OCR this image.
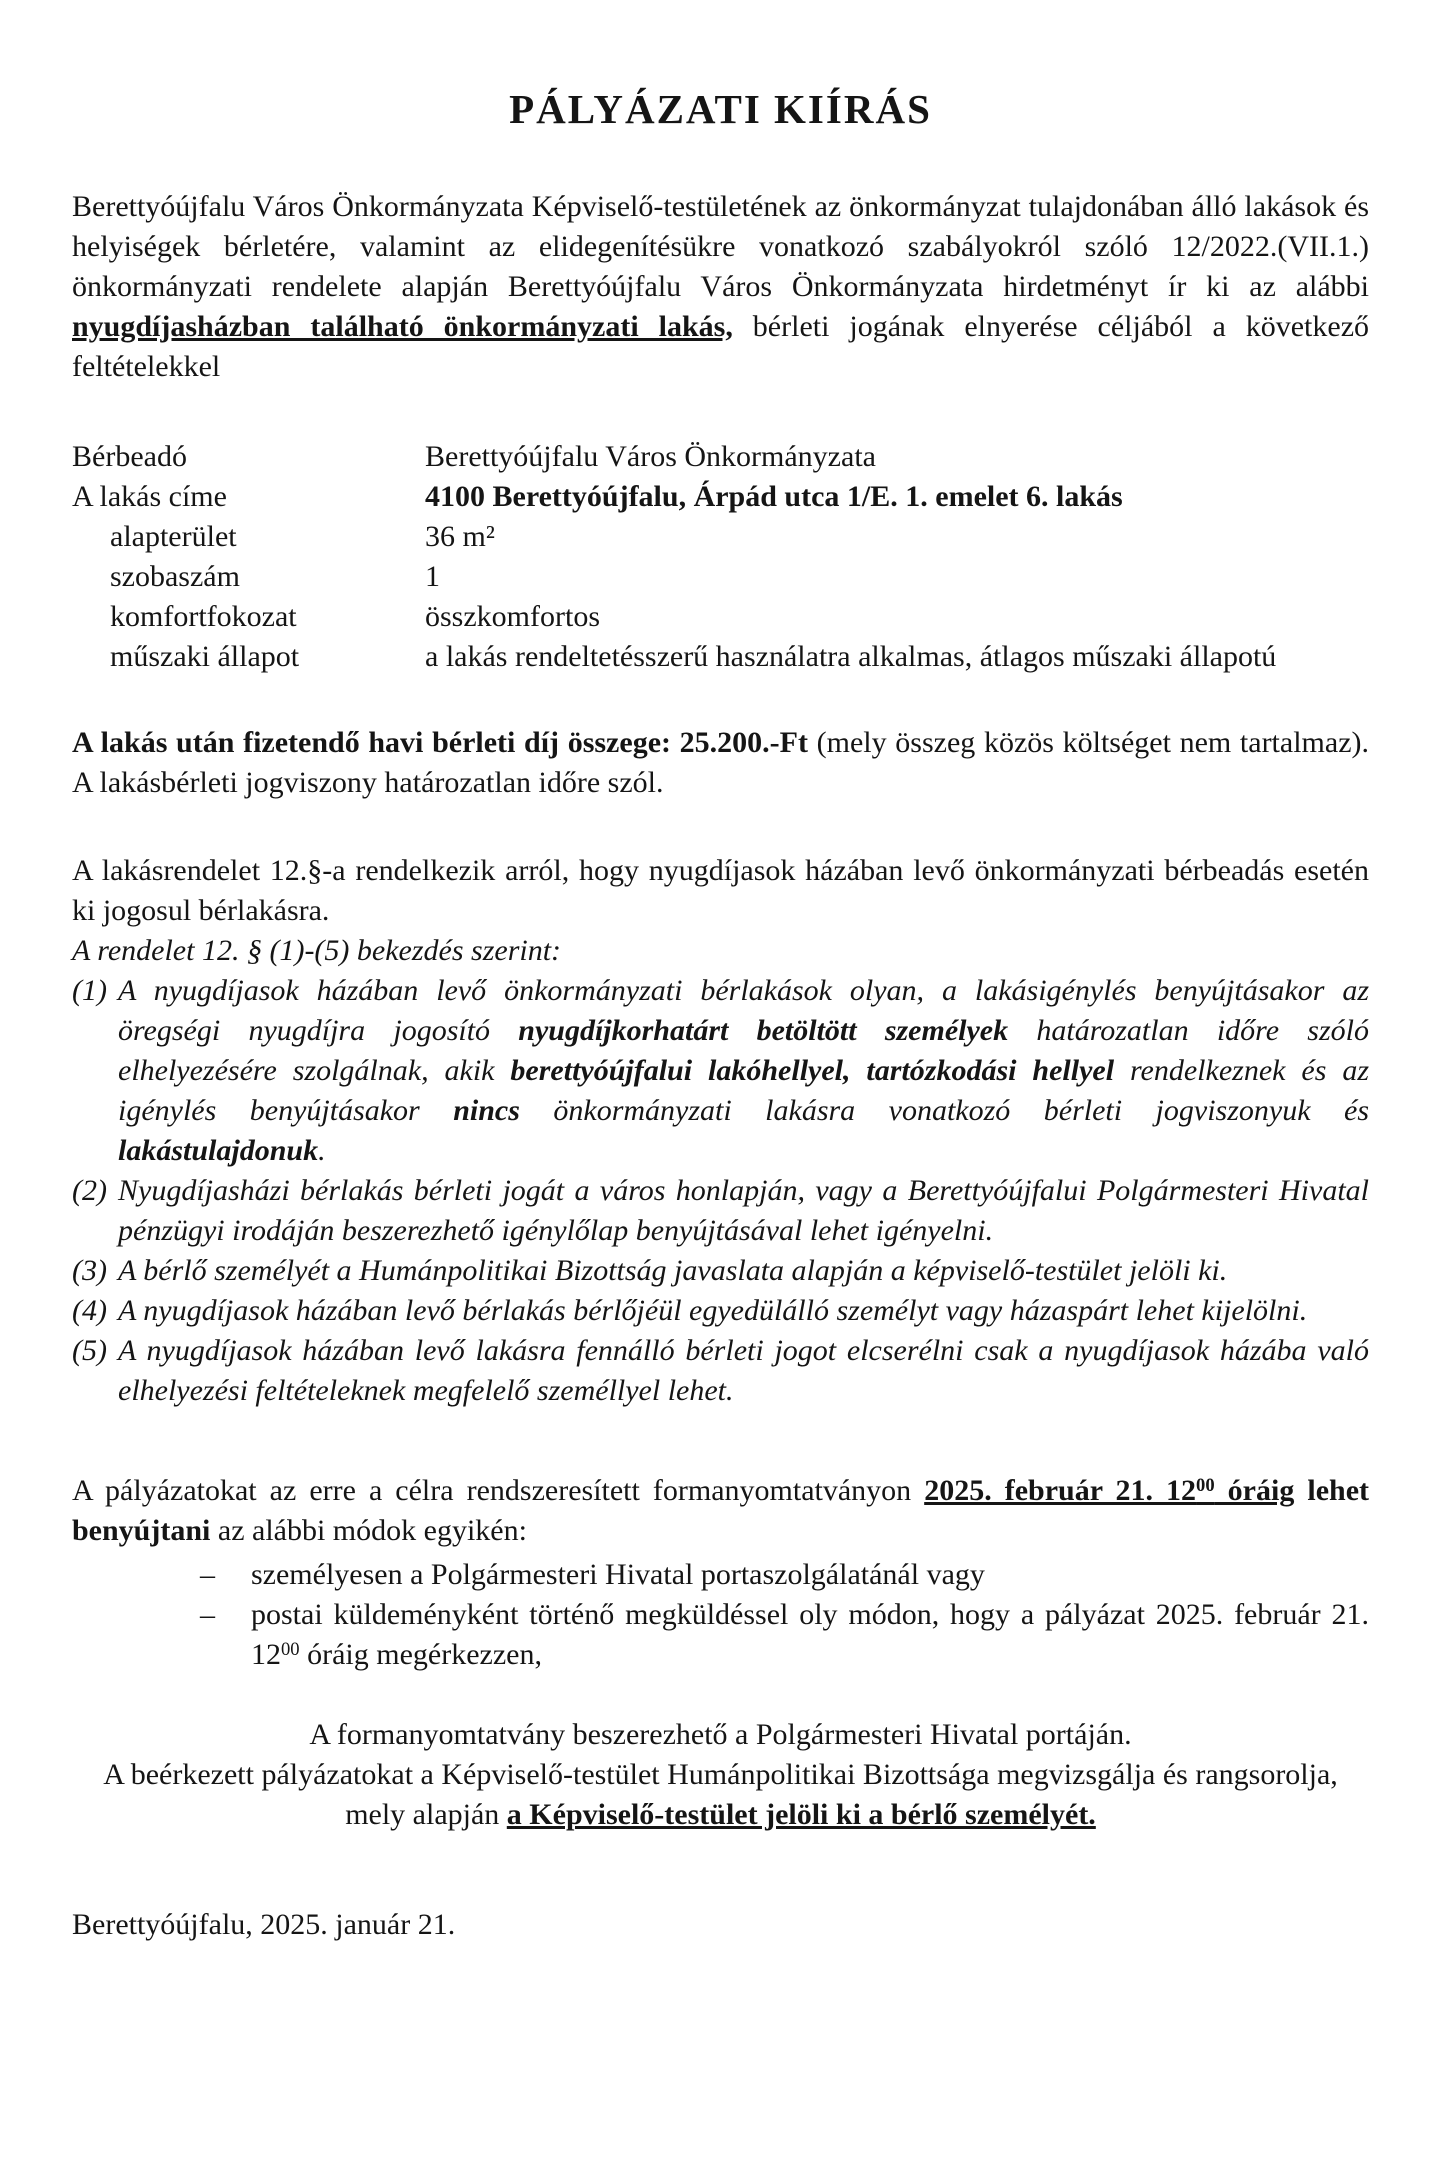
PÁLYÁZATI KIÍRÁS

Berettyóújfalu Város Önkormányzata Képviselő-testületének az önkormányzat tulajdonában álló lakások és helyiségek bérletére, valamint az elidegenítésükre vonatkozó szabályokról szóló 12/2022.(VII.1.) önkormányzati rendelete alapján Berettyóújfalu Város Önkormányzata hirdetményt ír ki az alábbi nyugdíjasházban található önkormányzati lakás, bérleti jogának elnyerése céljából a következő feltételekkel

Bérbeadó	Berettyóújfalu Város Önkormányzata
A lakás címe	4100 Berettyóújfalu, Árpád utca 1/E. 1. emelet 6. lakás
alapterület	36 m²
szobaszám	1
komfortfokozat	összkomfortos
műszaki állapot	a lakás rendeltetésszerű használatra alkalmas, átlagos műszaki állapotú

A lakás után fizetendő havi bérleti díj összege: 25.200.-Ft (mely összeg közös költséget nem tartalmaz). A lakásbérleti jogviszony határozatlan időre szól.

A lakásrendelet 12.§-a rendelkezik arról, hogy nyugdíjasok házában levő önkormányzati bérbeadás esetén ki jogosul bérlakásra.

A rendelet 12. § (1)-(5) bekezdés szerint:

(1) A nyugdíjasok házában levő önkormányzati bérlakások olyan, a lakásigénylés benyújtásakor az öregségi nyugdíjra jogosító nyugdíjkorhatárt betöltött személyek határozatlan időre szóló elhelyezésére szolgálnak, akik berettyóújfalui lakóhellyel, tartózkodási hellyel rendelkeznek és az igénylés benyújtásakor nincs önkormányzati lakásra vonatkozó bérleti jogviszonyuk és lakástulajdonuk.

(2) Nyugdíjasházi bérlakás bérleti jogát a város honlapján, vagy a Berettyóújfalui Polgármesteri Hivatal pénzügyi irodáján beszerezhető igénylőlap benyújtásával lehet igényelni.

(3) A bérlő személyét a Humánpolitikai Bizottság javaslata alapján a képviselő-testület jelöli ki.

(4) A nyugdíjasok házában levő bérlakás bérlőjéül egyedülálló személyt vagy házaspárt lehet kijelölni.

(5) A nyugdíjasok házában levő lakásra fennálló bérleti jogot elcserélni csak a nyugdíjasok házába való elhelyezési feltételeknek megfelelő személlyel lehet.

A pályázatokat az erre a célra rendszeresített formanyomtatványon 2025. február 21. $12^{00}$ óráig lehet benyújtani az alábbi módok egyikén:

–	személyesen a Polgármesteri Hivatal portaszolgálatánál vagy
–	postai küldeményként történő megküldéssel oly módon, hogy a pályázat 2025. február 21. $12^{00}$ óráig megérkezzen,

A formanyomtatvány beszerezhető a Polgármesteri Hivatal portáján.

A beérkezett pályázatokat a Képviselő-testület Humánpolitikai Bizottsága megvizsgálja és rangsorolja, mely alapján a Képviselő-testület jelöli ki a bérlő személyét.

Berettyóújfalu, 2025. január 21.
